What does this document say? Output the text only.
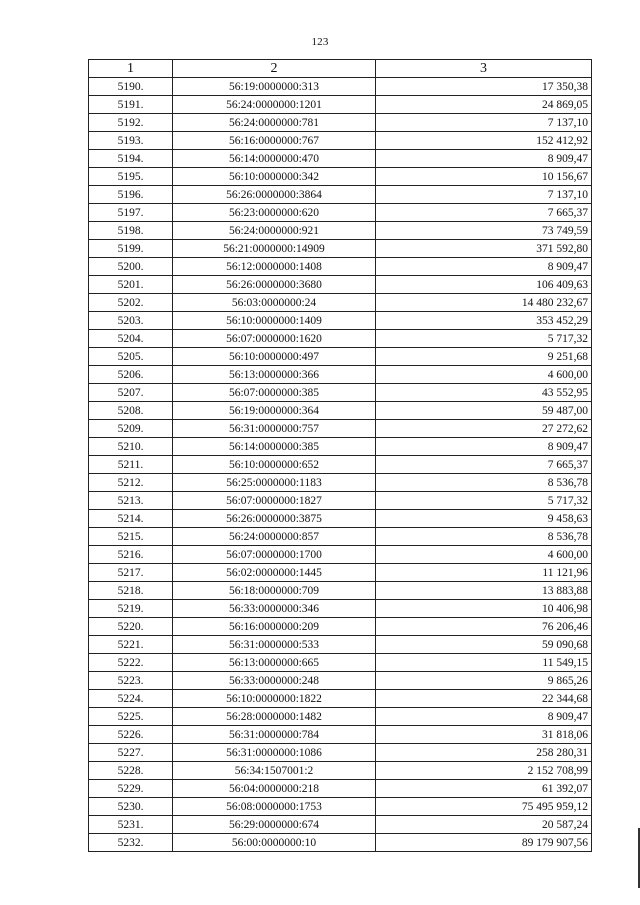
123
1	2	3
5190.	56:19:0000000:313	17 350,38
5191.	56:24:0000000:1201	24 869,05
5192.	56:24:0000000:781	7 137,10
5193.	56:16:0000000:767	152 412,92
5194.	56:14:0000000:470	8 909,47
5195.	56:10:0000000:342	10 156,67
5196.	56:26:0000000:3864	7 137,10
5197.	56:23:0000000:620	7 665,37
5198.	56:24:0000000:921	73 749,59
5199.	56:21:0000000:14909	371 592,80
5200.	56:12:0000000:1408	8 909,47
5201.	56:26:0000000:3680	106 409,63
5202.	56:03:0000000:24	14 480 232,67
5203.	56:10:0000000:1409	353 452,29
5204.	56:07:0000000:1620	5 717,32
5205.	56:10:0000000:497	9 251,68
5206.	56:13:0000000:366	4 600,00
5207.	56:07:0000000:385	43 552,95
5208.	56:19:0000000:364	59 487,00
5209.	56:31:0000000:757	27 272,62
5210.	56:14:0000000:385	8 909,47
5211.	56:10:0000000:652	7 665,37
5212.	56:25:0000000:1183	8 536,78
5213.	56:07:0000000:1827	5 717,32
5214.	56:26:0000000:3875	9 458,63
5215.	56:24:0000000:857	8 536,78
5216.	56:07:0000000:1700	4 600,00
5217.	56:02:0000000:1445	11 121,96
5218.	56:18:0000000:709	13 883,88
5219.	56:33:0000000:346	10 406,98
5220.	56:16:0000000:209	76 206,46
5221.	56:31:0000000:533	59 090,68
5222.	56:13:0000000:665	11 549,15
5223.	56:33:0000000:248	9 865,26
5224.	56:10:0000000:1822	22 344,68
5225.	56:28:0000000:1482	8 909,47
5226.	56:31:0000000:784	31 818,06
5227.	56:31:0000000:1086	258 280,31
5228.	56:34:1507001:2	2 152 708,99
5229.	56:04:0000000:218	61 392,07
5230.	56:08:0000000:1753	75 495 959,12
5231.	56:29:0000000:674	20 587,24
5232.	56:00:0000000:10	89 179 907,56
